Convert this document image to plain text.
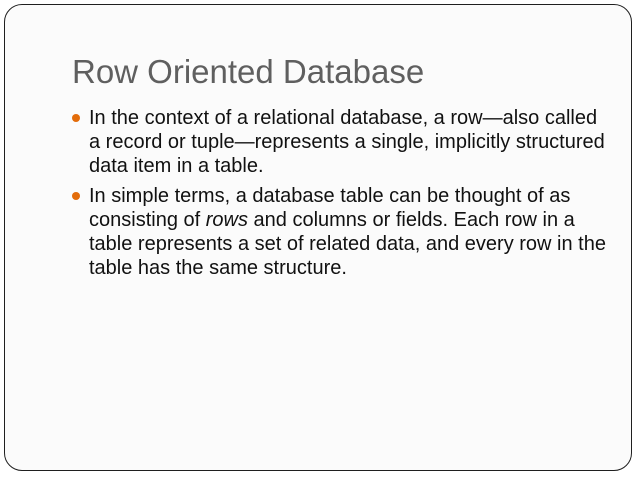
Row Oriented Database
In the context of a relational database, a row—also called a record or tuple—represents a single, implicitly structured data item in a table.
In simple terms, a database table can be thought of as consisting of rows and columns or fields. Each row in a table represents a set of related data, and every row in the table has the same structure.
